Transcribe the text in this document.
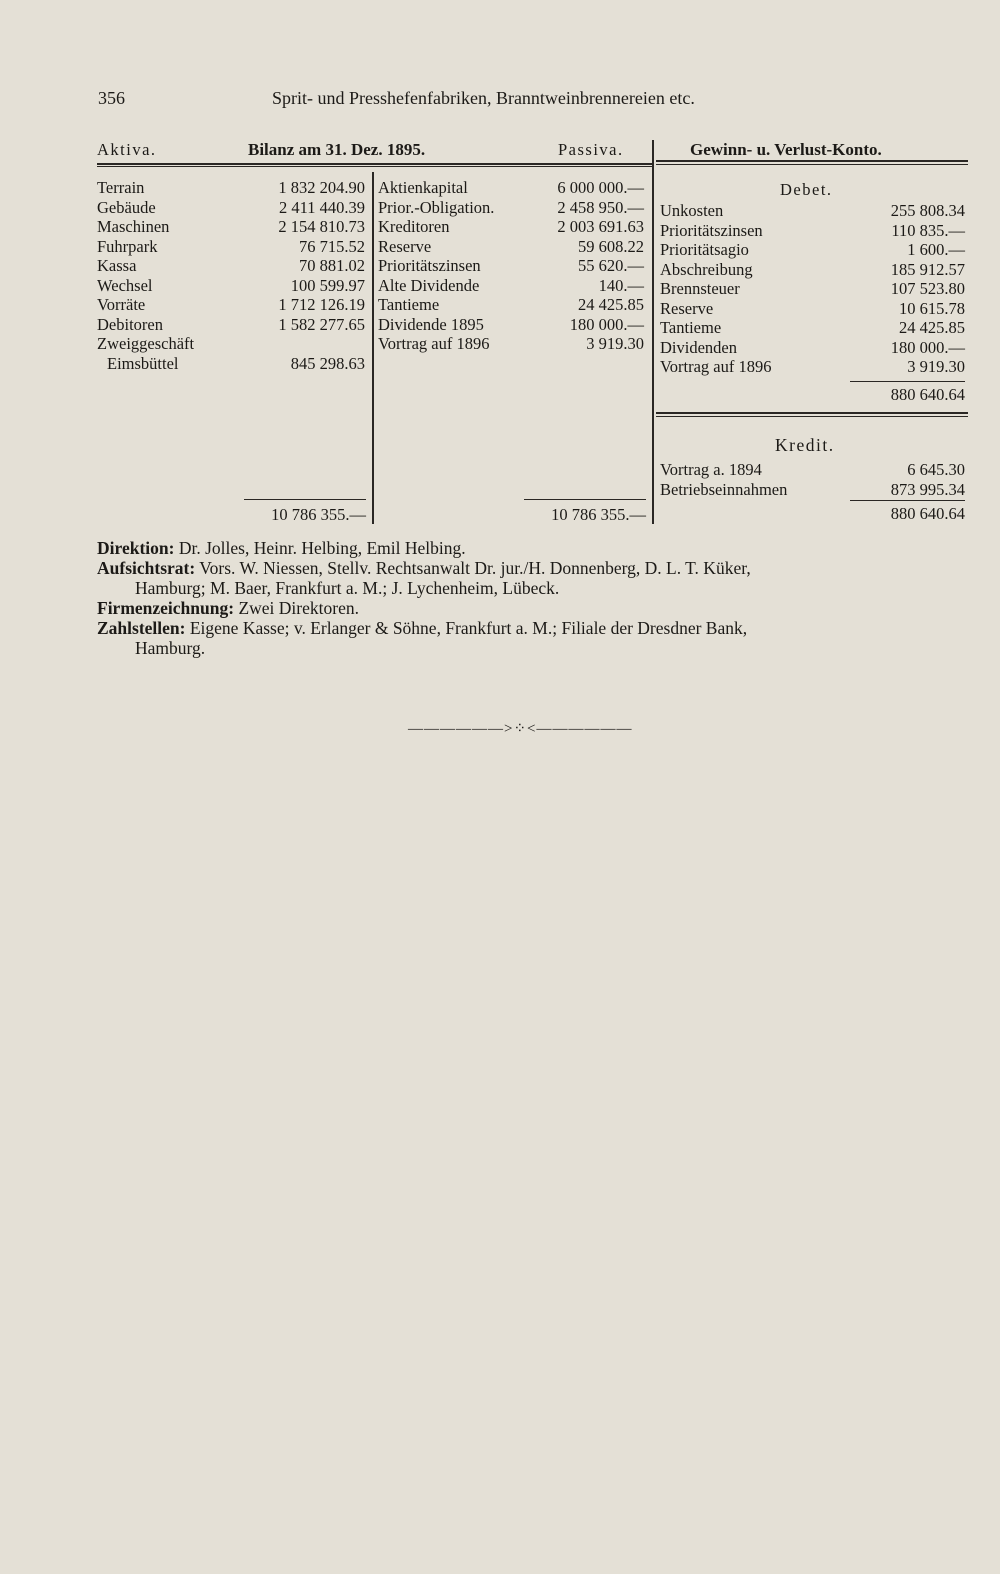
356	Sprit- und Presshefenfabriken, Branntweinbrennereien etc.
Aktiva.	Bilanz am 31. Dez. 1895.	Passiva.	Gewinn- u. Verlust-Konto.
Terrain	1 832 204.90
Gebäude	2 411 440.39
Maschinen	2 154 810.73
Fuhrpark	76 715.52
Kassa	70 881.02
Wechsel	100 599.97
Vorräte	1 712 126.19
Debitoren	1 582 277.65
Zweiggeschäft
Eimsbüttel	845 298.63
Aktienkapital	6 000 000.—
Prior.-Obligation.	2 458 950.—
Kreditoren	2 003 691.63
Reserve	59 608.22
Prioritätszinsen	55 620.—
Alte Dividende	140.—
Tantieme	24 425.85
Dividende 1895	180 000.—
Vortrag auf 1896	3 919.30
10 786 355.—	10 786 355.—
Debet.
Unkosten	255 808.34
Prioritätszinsen	110 835.—
Prioritätsagio	1 600.—
Abschreibung	185 912.57
Brennsteuer	107 523.80
Reserve	10 615.78
Tantieme	24 425.85
Dividenden	180 000.—
Vortrag auf 1896	3 919.30
880 640.64
Kredit.
Vortrag a. 1894	6 645.30
Betriebseinnahmen	873 995.34
880 640.64
Direktion: Dr. Jolles, Heinr. Helbing, Emil Helbing.
Aufsichtsrat: Vors. W. Niessen, Stellv. Rechtsanwalt Dr. jur./H. Donnenberg, D. L. T. Küker,
Hamburg; M. Baer, Frankfurt a. M.; J. Lychenheim, Lübeck.
Firmenzeichnung: Zwei Direktoren.
Zahlstellen: Eigene Kasse; v. Erlanger & Söhne, Frankfurt a. M.; Filiale der Dresdner Bank,
Hamburg.
——————>⁘<——————
